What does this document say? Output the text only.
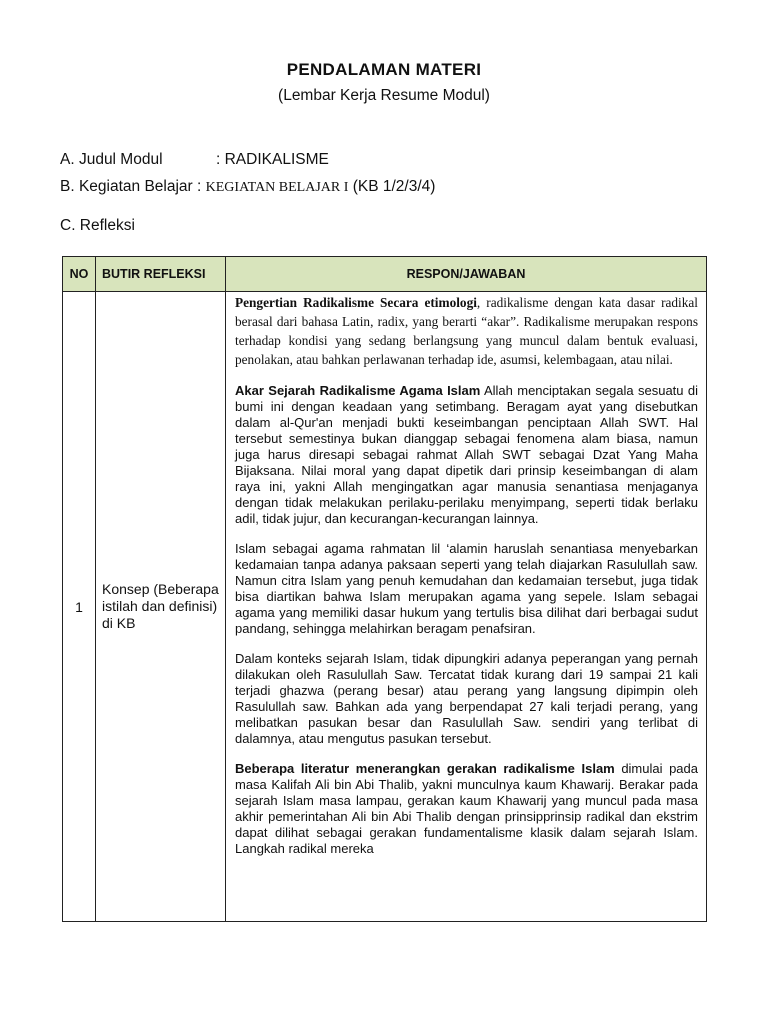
PENDALAMAN MATERI
(Lembar Kerja Resume Modul)
A. Judul Modul	: RADIKALISME
B. Kegiatan Belajar : KEGIATAN BELAJAR I (KB 1/2/3/4)
C. Refleksi
NO	BUTIR REFLEKSI	RESPON/JAWABAN
1	Konsep (Beberapa istilah dan definisi) di KB	Pengertian Radikalisme Secara etimologi, radikalisme dengan kata dasar radikal berasal dari bahasa Latin, radix, yang berarti “akar”. Radikalisme merupakan respons terhadap kondisi yang sedang berlangsung yang muncul dalam bentuk evaluasi, penolakan, atau bahkan perlawanan terhadap ide, asumsi, kelembagaan, atau nilai.

Akar Sejarah Radikalisme Agama Islam Allah menciptakan segala sesuatu di bumi ini dengan keadaan yang setimbang. Beragam ayat yang disebutkan dalam al-Qur'an menjadi bukti keseimbangan penciptaan Allah SWT. Hal tersebut semestinya bukan dianggap sebagai fenomena alam biasa, namun juga harus diresapi sebagai rahmat Allah SWT sebagai Dzat Yang Maha Bijaksana. Nilai moral yang dapat dipetik dari prinsip keseimbangan di alam raya ini, yakni Allah mengingatkan agar manusia senantiasa menjaganya dengan tidak melakukan perilaku-perilaku menyimpang, seperti tidak berlaku adil, tidak jujur, dan kecurangan-kecurangan lainnya.

Islam sebagai agama rahmatan lil ‘alamin haruslah senantiasa menyebarkan kedamaian tanpa adanya paksaan seperti yang telah diajarkan Rasulullah saw. Namun citra Islam yang penuh kemudahan dan kedamaian tersebut, juga tidak bisa diartikan bahwa Islam merupakan agama yang sepele. Islam sebagai agama yang memiliki dasar hukum yang tertulis bisa dilihat dari berbagai sudut pandang, sehingga melahirkan beragam penafsiran.

Dalam konteks sejarah Islam, tidak dipungkiri adanya peperangan yang pernah dilakukan oleh Rasulullah Saw. Tercatat tidak kurang dari 19 sampai 21 kali terjadi ghazwa (perang besar) atau perang yang langsung dipimpin oleh Rasulullah saw. Bahkan ada yang berpendapat 27 kali terjadi perang, yang melibatkan pasukan besar dan Rasulullah Saw. sendiri yang terlibat di dalamnya, atau mengutus pasukan tersebut.

Beberapa literatur menerangkan gerakan radikalisme Islam dimulai pada masa Kalifah Ali bin Abi Thalib, yakni munculnya kaum Khawarij. Berakar pada sejarah Islam masa lampau, gerakan kaum Khawarij yang muncul pada masa akhir pemerintahan Ali bin Abi Thalib dengan prinsipprinsip radikal dan ekstrim dapat dilihat sebagai gerakan fundamentalisme klasik dalam sejarah Islam. Langkah radikal mereka
